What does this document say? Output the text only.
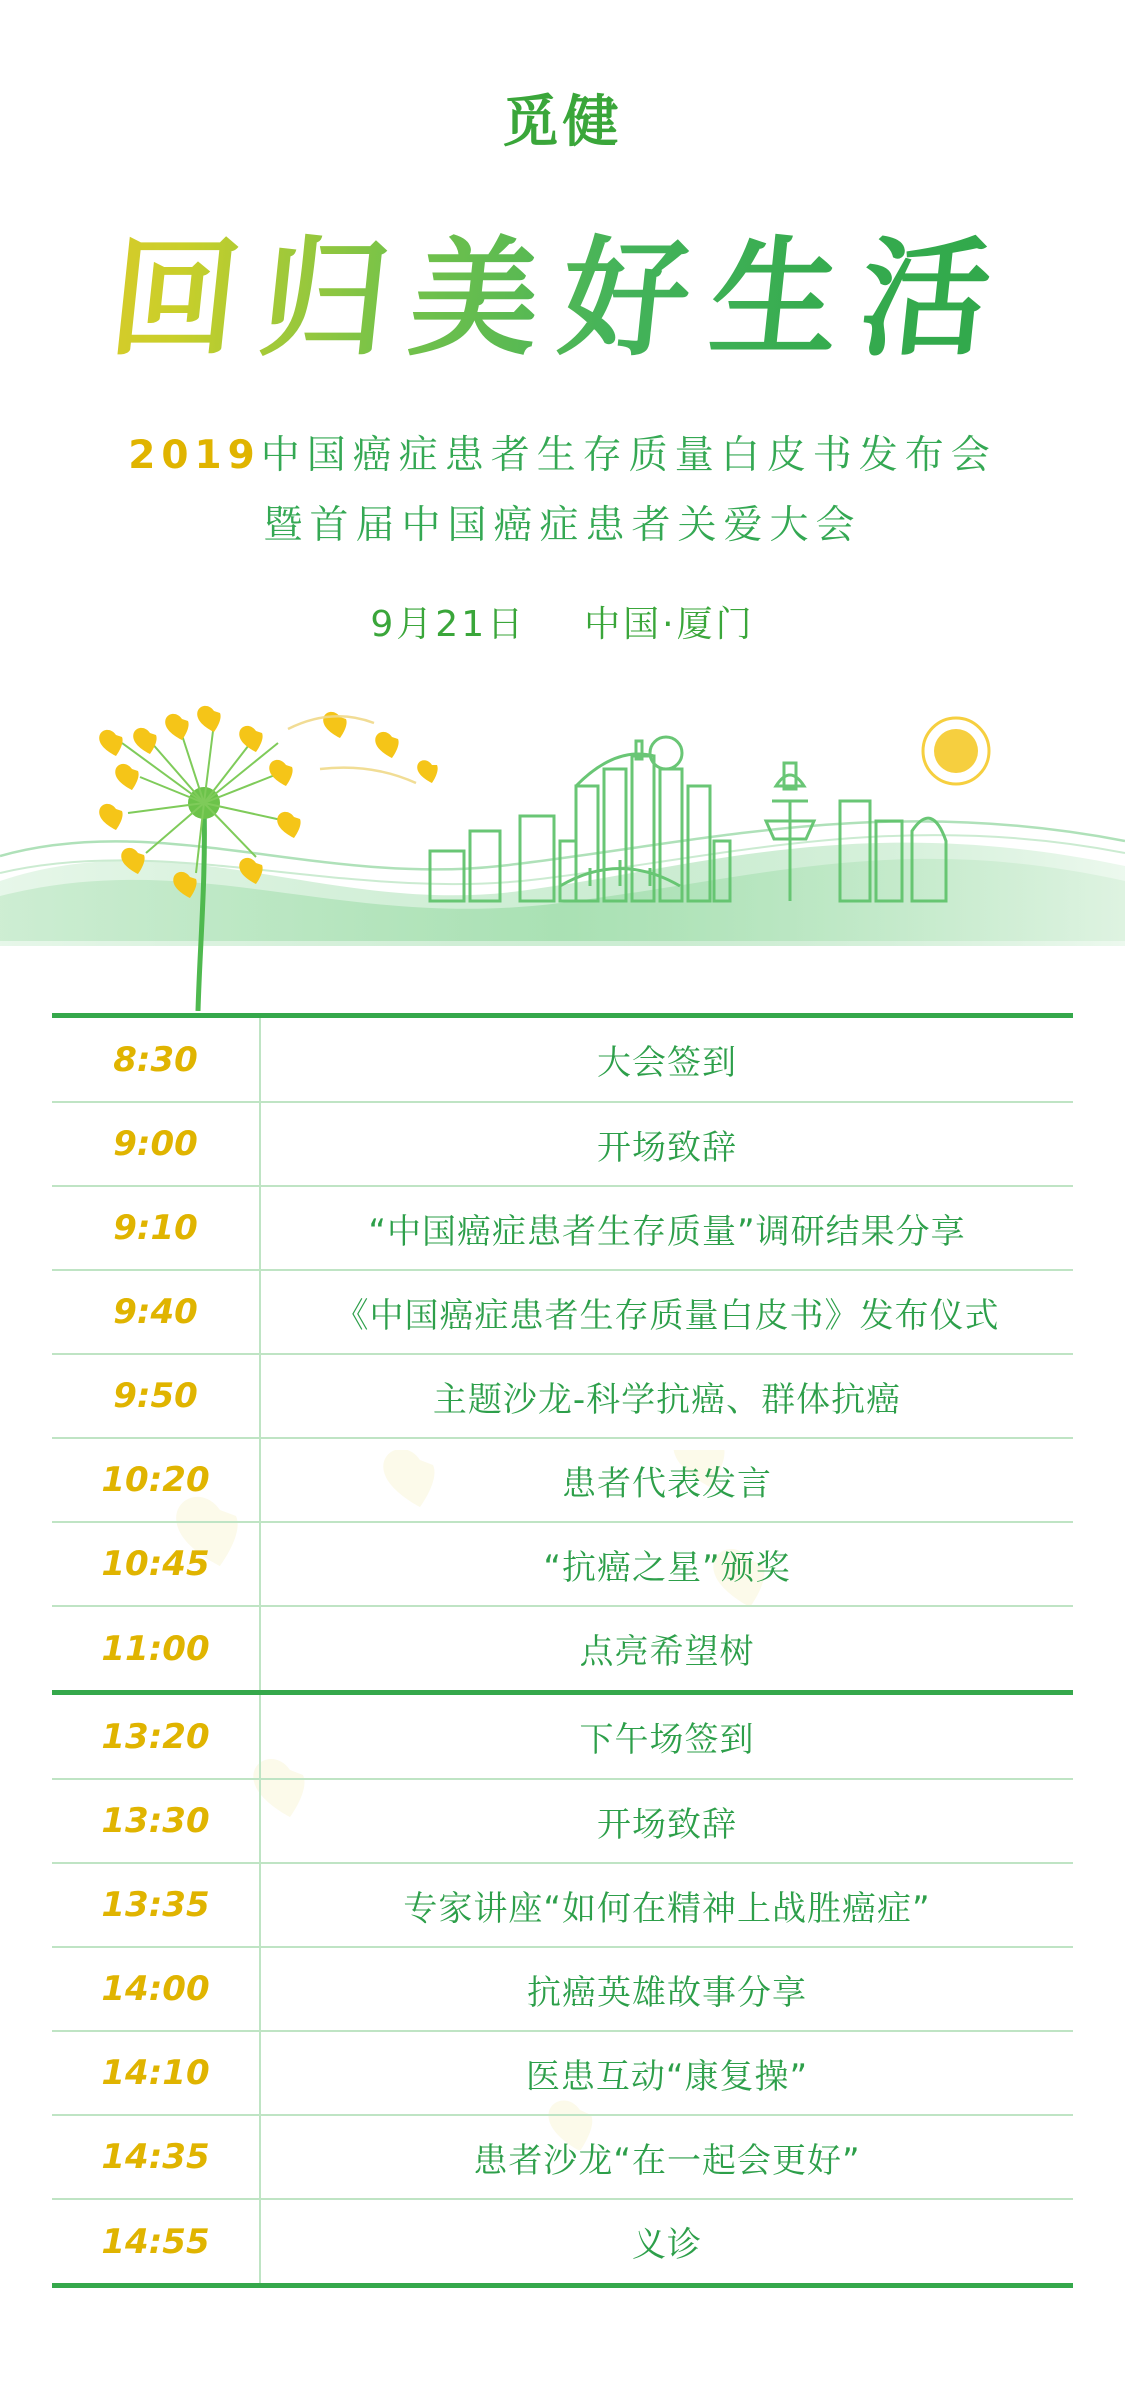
觅健
回归美好生活
2019中国癌症患者生存质量白皮书发布会
暨首届中国癌症患者关爱大会
9月21日 中国·厦门
8:30	大会签到
9:00	开场致辞
9:10	“中国癌症患者生存质量”调研结果分享
9:40	《中国癌症患者生存质量白皮书》发布仪式
9:50	主题沙龙-科学抗癌、群体抗癌
10:20	患者代表发言
10:45	“抗癌之星”颁奖
11:00	点亮希望树
13:20	下午场签到
13:30	开场致辞
13:35	专家讲座“如何在精神上战胜癌症”
14:00	抗癌英雄故事分享
14:10	医患互动“康复操”
14:35	患者沙龙“在一起会更好”
14:55	义诊
